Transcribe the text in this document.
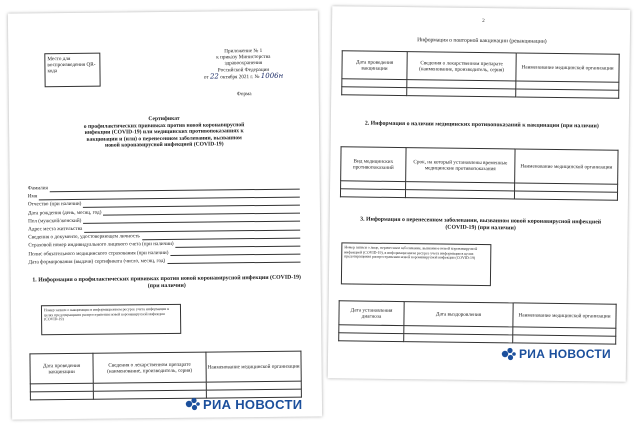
Место для воспроизведения QR-кода
Приложение № 1
к приказу Министерства
здравоохранения
Российской Федерации
от 22 октября 2021 г. № 1006н
Форма
Сертификат
о профилактических прививках против новой коронавирусной
инфекции (COVID-19) или медицинских противопоказаниях к
вакцинации и (или) о перенесенном заболевании, вызванном
новой коронавирусной инфекцией (COVID-19)
Фамилия
Имя
Отчество (при наличии)
Дата рождения (день, месяц, год)
Пол (мужской/женский)
Адрес места жительства
Сведения о документе, удостоверяющем личность
Страховой номер индивидуального лицевого счета (при наличии)
Полис обязательного медицинского страхования (при наличии)
Дата формирования (выдачи) сертификата (число, месяц, год)
1. Информация о профилактических прививках против новой коронавирусной инфекции (COVID-19) (при наличии)
Номер записи о вакцинации в информационном ресурсе учета информации в целях предотвращения распространения новой коронавирусной инфекции (COVID-19)
Дата проведения вакцинации	Сведения о лекарственном препарате (наименование, производитель, серия)	Наименование медицинской организации

2
Информация о повторной вакцинации (ревакцинации)
Дата проведения вакцинации	Сведения о лекарственном препарате (наименование, производитель, серия)	Наименование медицинской организации

2. Информация о наличии медицинских противопоказаний к вакцинации (при наличии)
Вид медицинских противопоказаний	Срок, на который установлены временные медицинские противопоказания	Наименование медицинской организации

3. Информация о перенесенном заболевании, вызванном новой коронавирусной инфекцией (COVID-19) (при наличии)
Номер записи о лице, перенесшем заболевание, вызванное новой коронавирусной инфекцией (COVID-19), в информационном ресурсе учета информации в целях предотвращения распространения новой коронавирусной инфекции (COVID-19)
Дата установления диагноза	Дата выздоровления	Наименование медицинской организации

РИА НОВОСТИ
РИА НОВОСТИ
